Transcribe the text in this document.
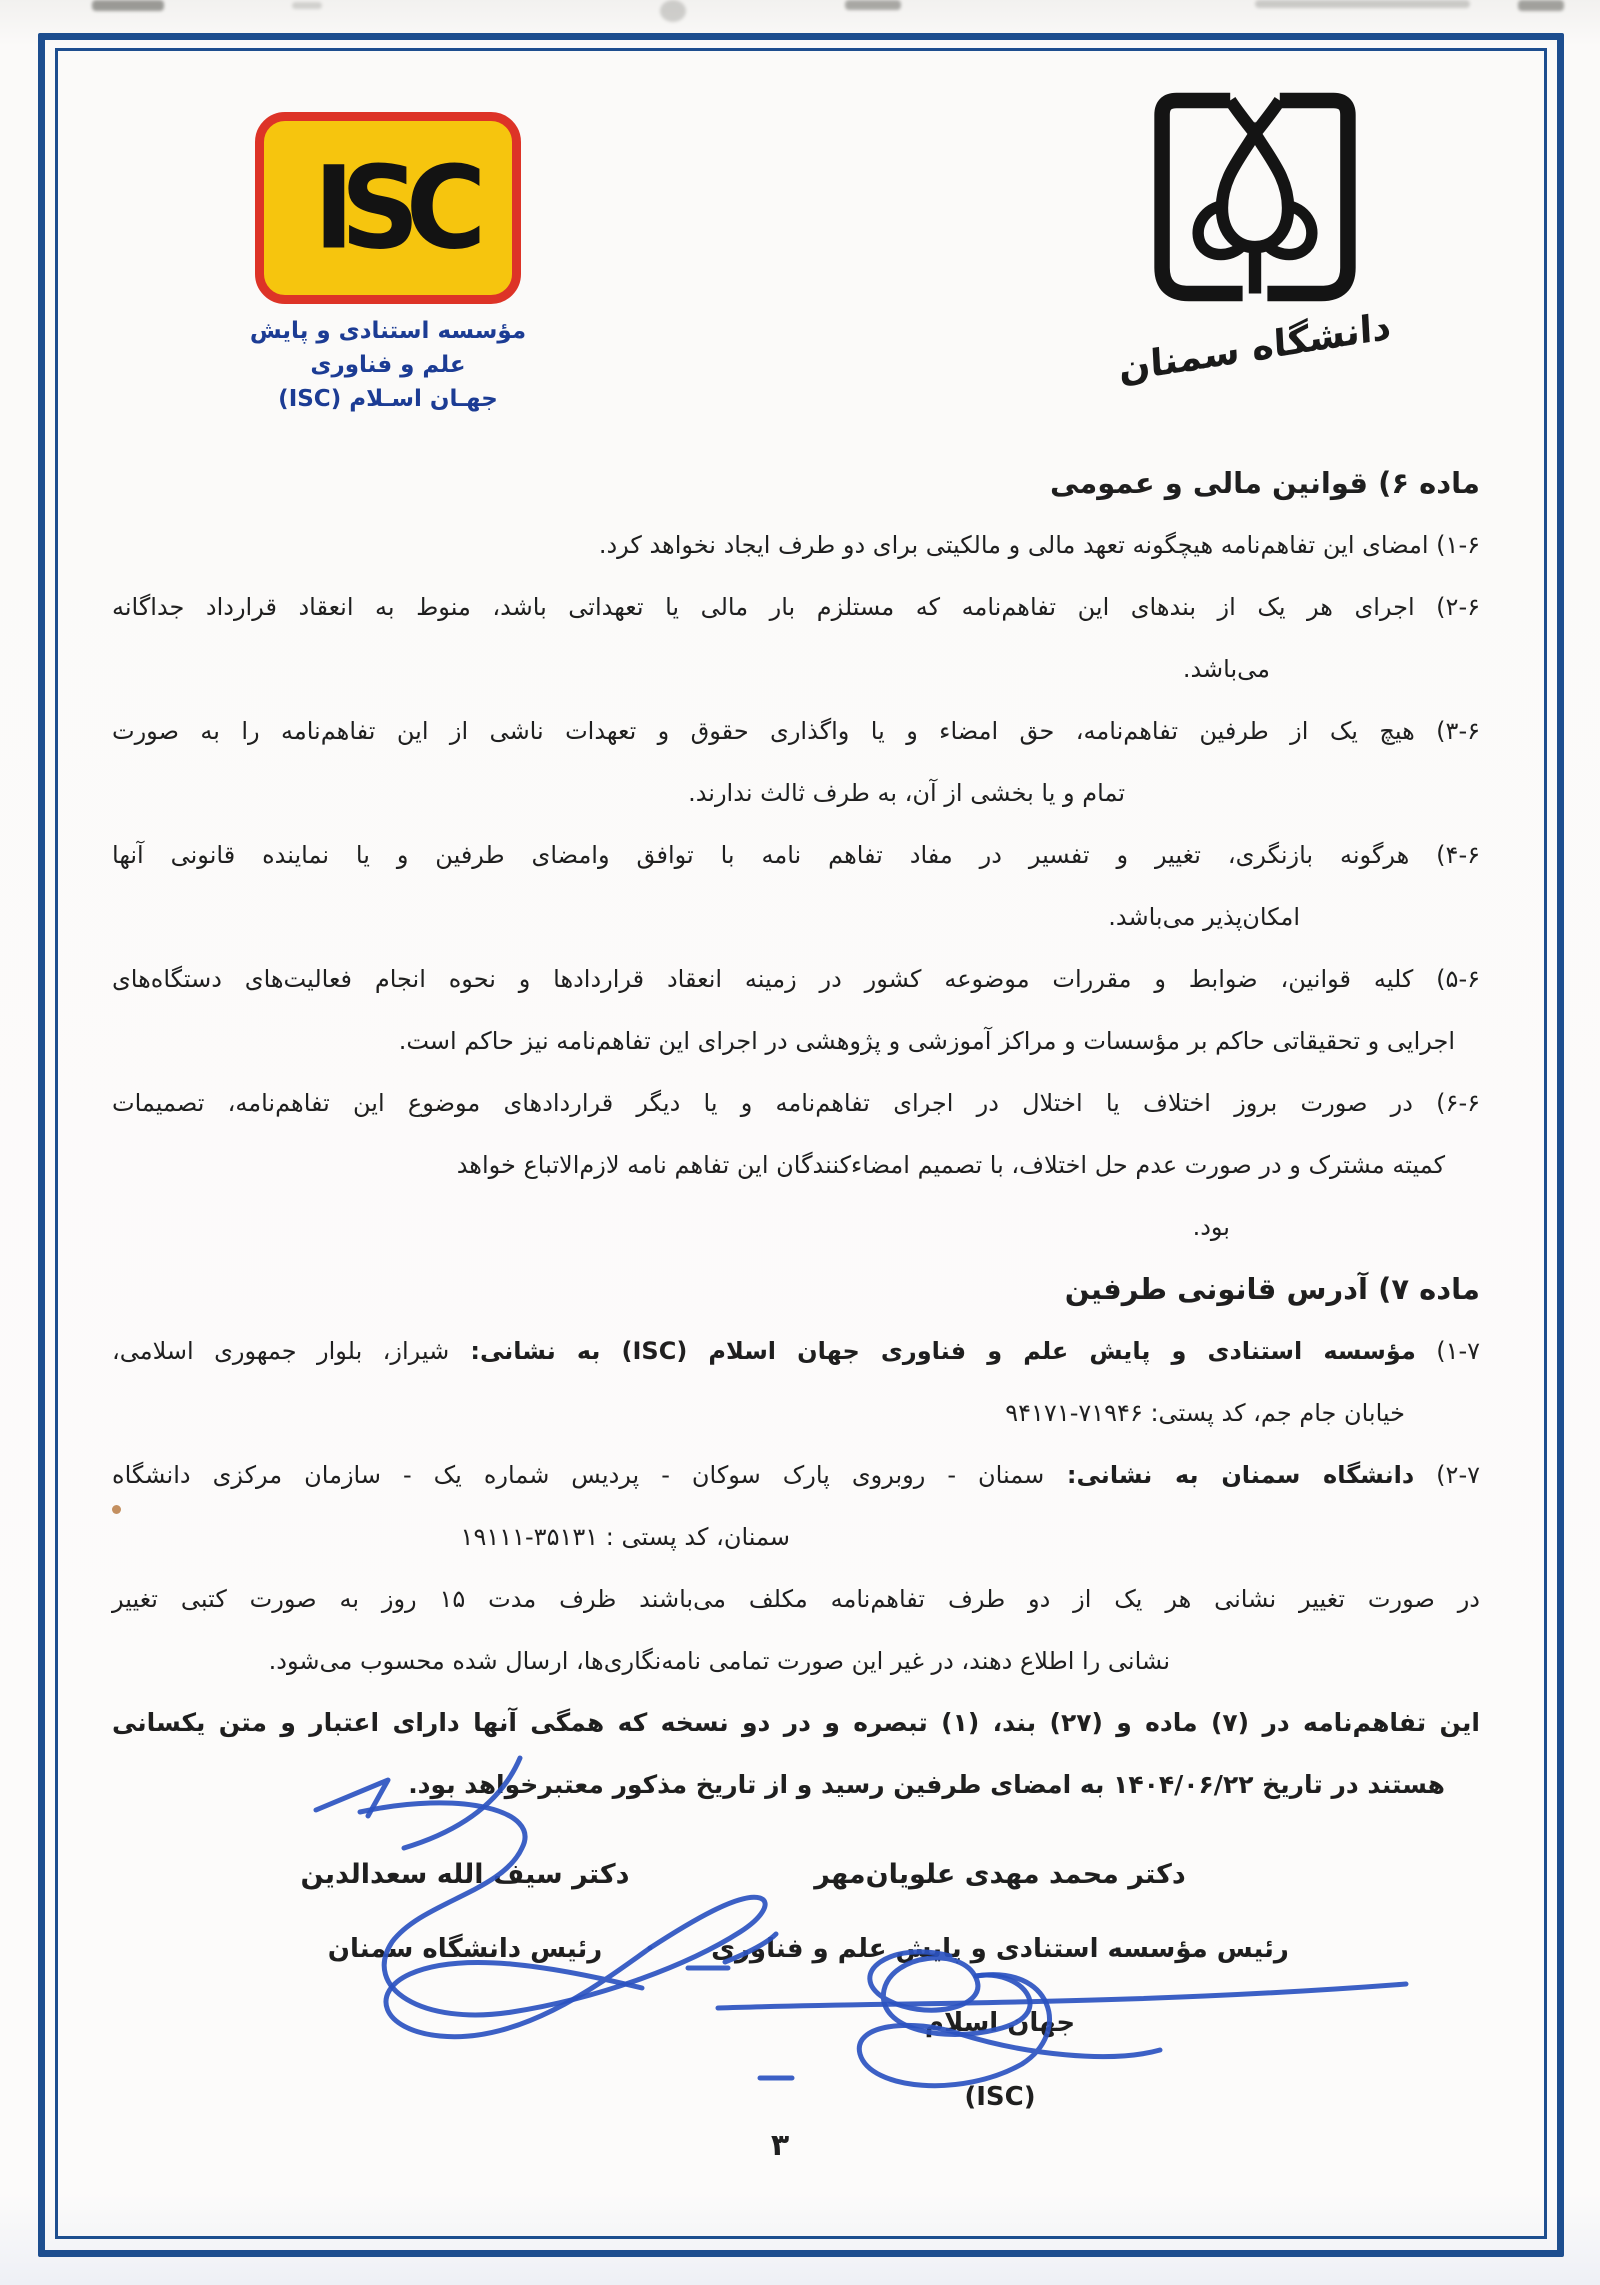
ISC
مؤسسه استنادی و پایش علم و فناوری
جهـان اسـلام (ISC)
دانشگاه سمنان
ماده ۶) قوانین مالی و عمومی
۶‏-‏۱) امضای این تفاهم‌نامه هیچگونه تعهد مالی و مالکیتی برای دو طرف ایجاد نخواهد کرد.
۶‏-‏۲) اجرای هر یک از بندهای این تفاهم‌نامه که مستلزم بار مالی یا تعهداتی باشد، منوط به انعقاد قرارداد جداگانه
می‌باشد.
۶‏-‏۳) هیچ یک از طرفین تفاهم‌نامه، حق امضاء و یا واگذاری حقوق و تعهدات ناشی از این تفاهم‌نامه را به صورت
تمام و یا بخشی از آن، به طرف ثالث ندارند.
۶‏-‏۴) هرگونه بازنگری، تغییر و تفسیر در مفاد تفاهم نامه با توافق وامضای طرفین و یا نماینده قانونی آنها
امکان‌پذیر می‌باشد.
۶‏-‏۵) کلیه قوانین، ضوابط و مقررات موضوعه کشور در زمینه انعقاد قراردادها و نحوه انجام فعالیت‌های دستگاه‌های
اجرایی و تحقیقاتی حاکم بر مؤسسات و مراکز آموزشی و پژوهشی در اجرای این تفاهم‌نامه نیز حاکم است.
۶‏-‏۶) در صورت بروز اختلاف یا اختلال در اجرای تفاهم‌نامه و یا دیگر قراردادهای موضوع این تفاهم‌نامه، تصمیمات
کمیته مشترک و در صورت عدم حل اختلاف، با تصمیم امضاءکنندگان این تفاهم نامه لازم‌الاتباع خواهد
بود.
ماده ۷) آدرس قانونی طرفین
۷‏-‏۱) مؤسسه استنادی و پایش علم و فناوری جهان اسلام (ISC) به نشانی: شیراز، بلوار جمهوری اسلامی،
خیابان جام جم، کد پستی: ۷۱۹۴۶-۹۴۱۷۱
۷‏-‏۲) دانشگاه سمنان به نشانی: سمنان - روبروی پارک سوکان - پردیس شماره یک - سازمان مرکزی دانشگاه
سمنان، کد پستی : ۳۵۱۳۱-۱۹۱۱۱
در صورت تغییر نشانی هر یک از دو طرف تفاهم‌نامه مکلف می‌باشند ظرف مدت ۱۵ روز به صورت کتبی تغییر
نشانی را اطلاع دهند، در غیر این صورت تمامی نامه‌نگاری‌ها، ارسال شده محسوب می‌شود.
این تفاهم‌نامه در (۷) ماده و (۲۷) بند، (۱) تبصره و در دو نسخه که همگی آنها دارای اعتبار و متن یکسانی
هستند در تاریخ ۱۴۰۴/۰۶/۲۲ به امضای طرفین رسید و از تاریخ مذکور معتبرخواهد بود.
دکتر محمد مهدی علویان‌مهر
رئیس مؤسسه استنادی و پایش علم و فناوری جهان اسلام
(ISC)
دکتر سیف الله سعدالدین
رئیس دانشگاه سمنان
۳
